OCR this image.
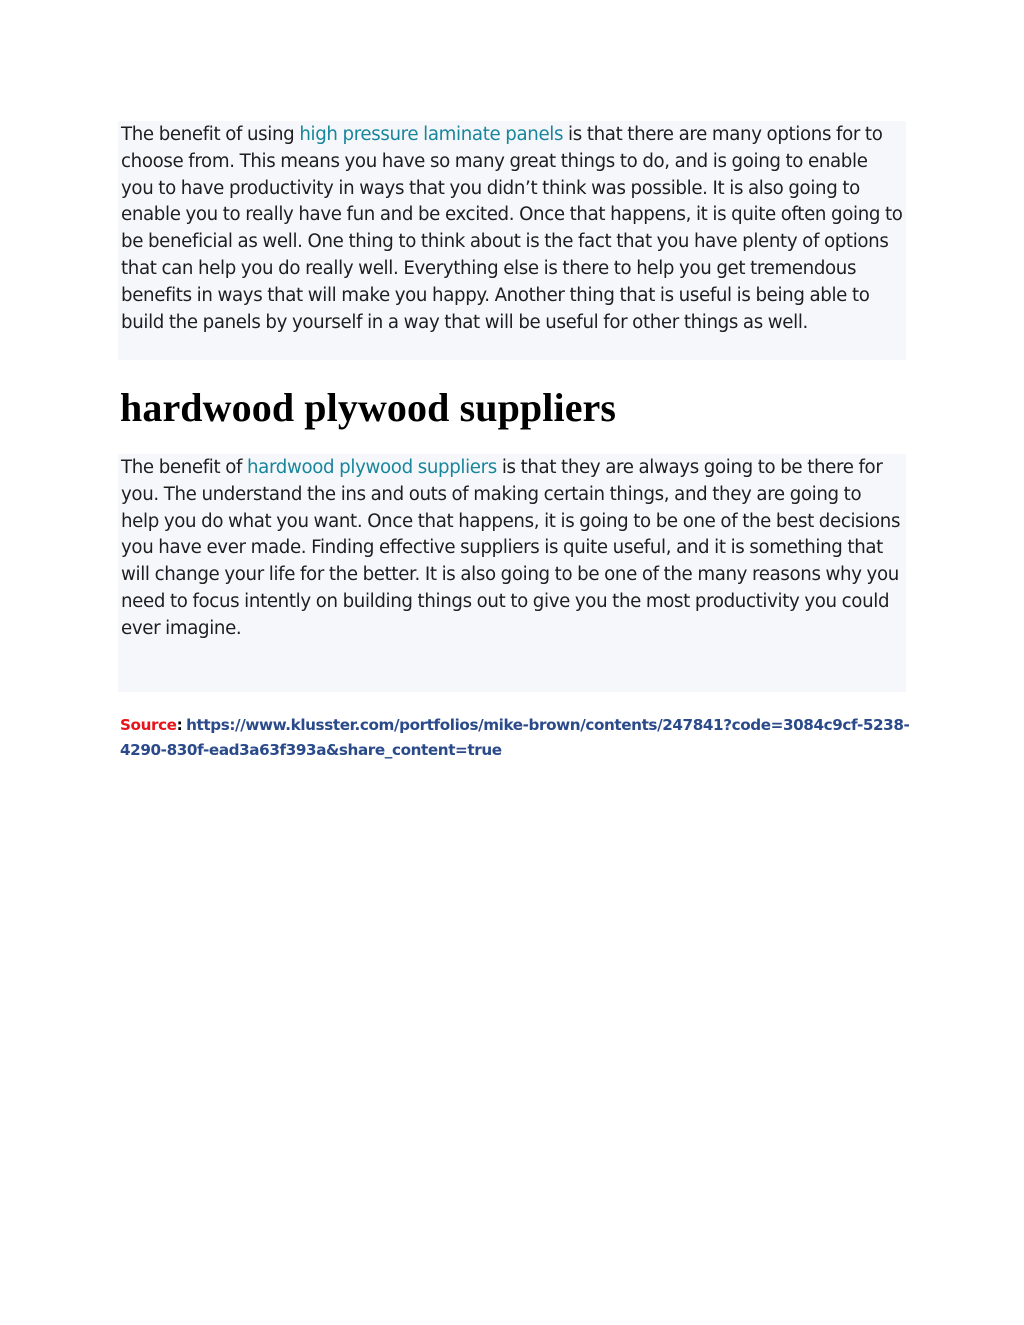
The benefit of using high pressure laminate panels is that there are many options for to choose from. This means you have so many great things to do, and is going to enable you to have productivity in ways that you didn’t think was possible. It is also going to enable you to really have fun and be excited. Once that happens, it is quite often going to be beneficial as well. One thing to think about is the fact that you have plenty of options that can help you do really well. Everything else is there to help you get tremendous benefits in ways that will make you happy. Another thing that is useful is being able to build the panels by yourself in a way that will be useful for other things as well.

hardwood plywood suppliers

The benefit of hardwood plywood suppliers is that they are always going to be there for you. The understand the ins and outs of making certain things, and they are going to help you do what you want. Once that happens, it is going to be one of the best decisions you have ever made. Finding effective suppliers is quite useful, and it is something that will change your life for the better. It is also going to be one of the many reasons why you need to focus intently on building things out to give you the most productivity you could ever imagine.

Source: https://www.klusster.com/portfolios/mike-brown/contents/247841?code=3084c9cf-5238-4290-830f-ead3a63f393a&share_content=true
